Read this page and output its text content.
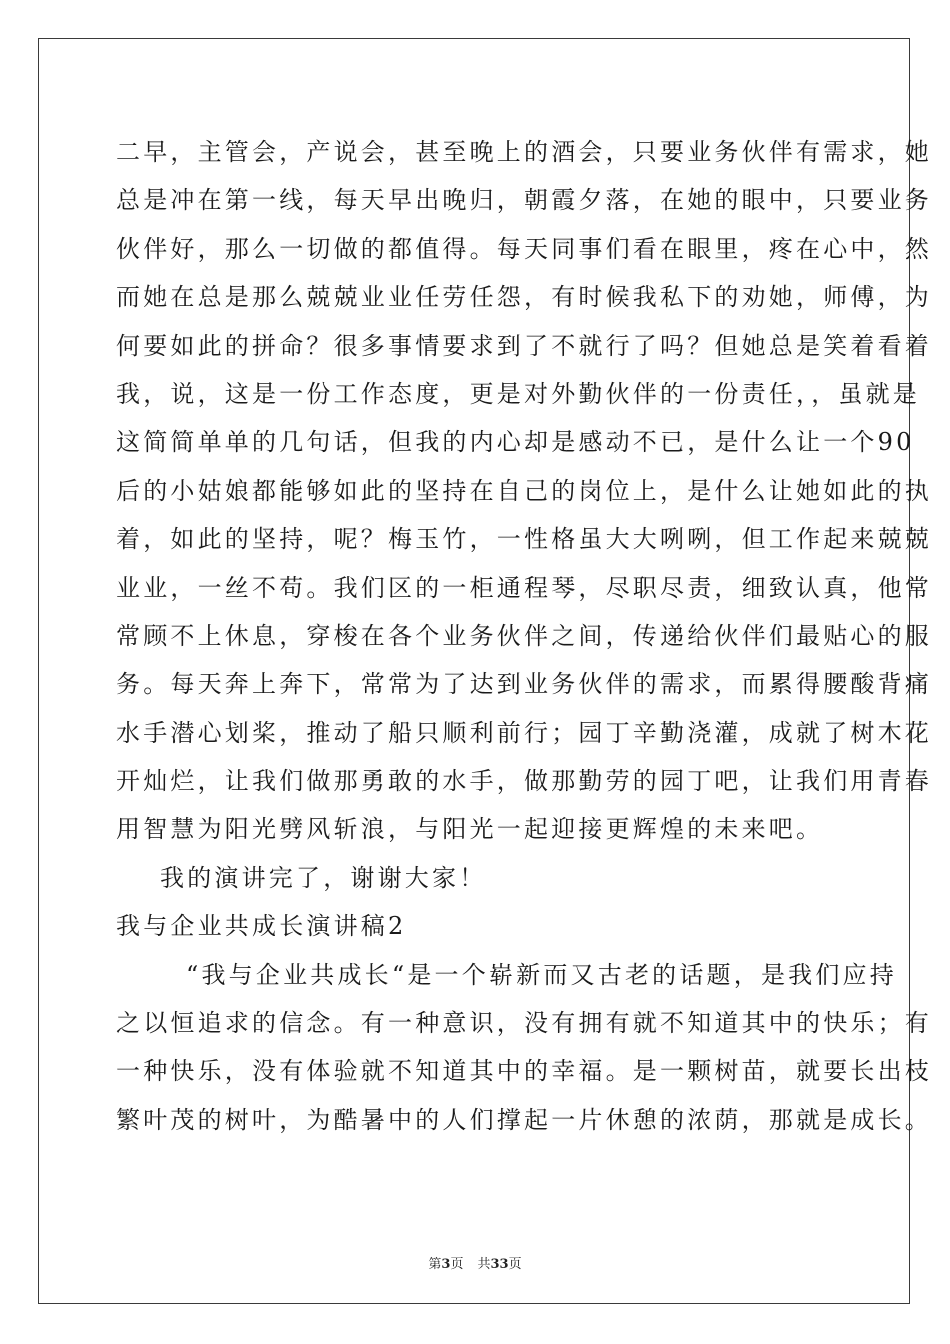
二早，主管会，产说会，甚至晚上的酒会，只要业务伙伴有需求，她
总是冲在第一线，每天早出晚归，朝霞夕落，在她的眼中，只要业务
伙伴好，那么一切做的都值得。每天同事们看在眼里，疼在心中，然
而她在总是那么兢兢业业任劳任怨，有时候我私下的劝她，师傅，为
何要如此的拼命？很多事情要求到了不就行了吗？但她总是笑着看着
我，说，这是一份工作态度，更是对外勤伙伴的一份责任，，虽就是
这简简单单的几句话，但我的内心却是感动不已，是什么让一个90
后的小姑娘都能够如此的坚持在自己的岗位上，是什么让她如此的执
着，如此的坚持，呢？梅玉竹，一性格虽大大咧咧，但工作起来兢兢
业业，一丝不苟。我们区的一柜通程琴，尽职尽责，细致认真，他常
常顾不上休息，穿梭在各个业务伙伴之间，传递给伙伴们最贴心的服
务。每天奔上奔下，常常为了达到业务伙伴的需求，而累得腰酸背痛
水手潜心划桨，推动了船只顺利前行；园丁辛勤浇灌，成就了树木花
开灿烂，让我们做那勇敢的水手，做那勤劳的园丁吧，让我们用青春
用智慧为阳光劈风斩浪，与阳光一起迎接更辉煌的未来吧。
我的演讲完了，谢谢大家！
我与企业共成长演讲稿2
“我与企业共成长“是一个崭新而又古老的话题，是我们应持
之以恒追求的信念。有一种意识，没有拥有就不知道其中的快乐；有
一种快乐，没有体验就不知道其中的幸福。是一颗树苗，就要长出枝
繁叶茂的树叶，为酷暑中的人们撑起一片休憩的浓荫，那就是成长。
第3页 共33页
